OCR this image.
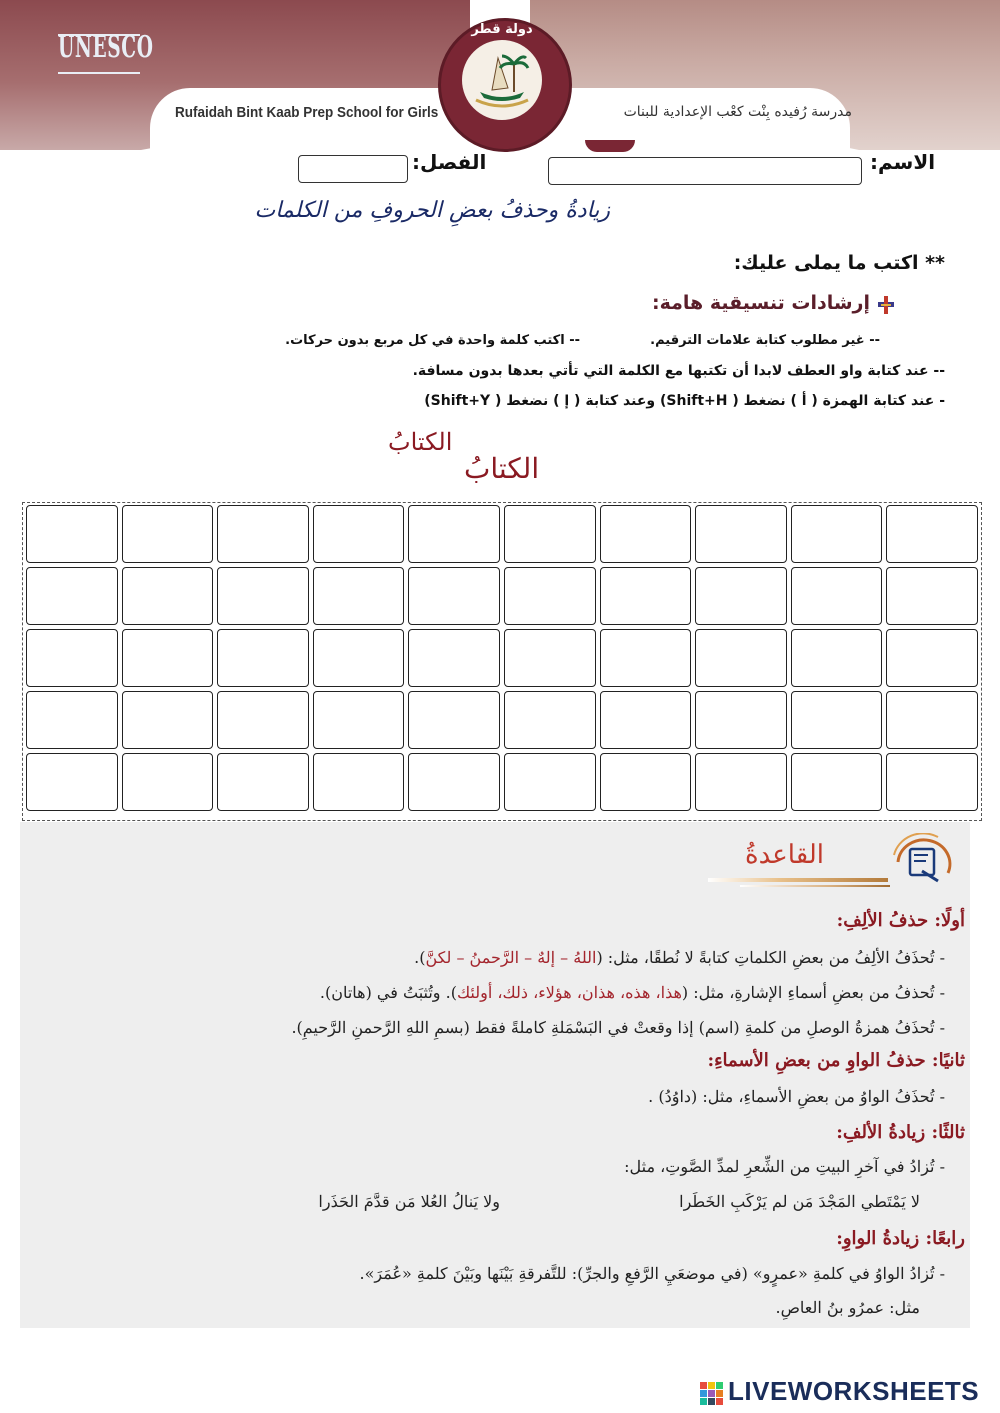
UNESCO
Rufaidah Bint Kaab Prep School for Girls	مدرسة رُفيده بِنْت كعْب الإعدادية للبنات
دولة قطر
الاسم:
الفصل:
زيادةُ وحذفُ بعضِ الحروفِ من الكلمات
** اكتب ما يملى عليك:
إرشادات تنسيقية هامة:
-- غير مطلوب كتابة علامات الترقيم.
-- اكتب كلمة واحدة في كل مربع بدون حركات.
-- عند كتابة واو العطف لابدا أن تكتبها مع الكلمة التي تأتي بعدها بدون مسافة.
- عند كتابة الهمزة ( أ ) نضغط ( Shift+H) وعند كتابة ( إ ) نضغط ( Shift+Y)
الكتابُ
الكتابُ
القاعدةُ
أولًا: حذفُ الألِفِ:
- تُحذَفُ الألِفُ من بعضِ الكلماتِ كتابةً لا نُطقًا، مثل: (اللهُ – إلهٌ – الرَّحمنُ – لكنَّ).
- تُحذفُ من بعضِ أسماءِ الإشارةِ، مثل: (هذا، هذه، هذان، هؤلاء، ذلك، أولئك). وتُثبَتُ في (هاتان).
- تُحذَفُ همزةُ الوصلِ من كلمةِ (اسم) إذا وقعتْ في البَسْمَلةِ كاملةً فقط (بسمِ اللهِ الرَّحمنِ الرَّحيمِ).
ثانيًا: حذفُ الواوِ من بعضِ الأسماءِ:
- تُحذَفُ الواوُ من بعضِ الأسماءِ، مثل: (داوُدُ) .
ثالثًا: زيادةُ الألفِ:
- تُزادُ في آخرِ البيتِ من الشِّعرِ لمدِّ الصَّوتِ، مثل:
لا يَمْتَطي المَجْدَ مَن لم يَرْكَبِ الخَطَرا
ولا يَنالُ العُلا مَن قدَّمَ الحَذَرا
رابعًا: زيادةُ الواوِ:
- تُزادُ الواوُ في كلمةِ «عمرٍو» (في موضعَيِ الرَّفعِ والجرِّ): للتَّفرقةِ بَيْنَها وبَيْنَ كلمةِ «عُمَرَ».
مثل: عمرُو بنُ العاصِ.
LIVEWORKSHEETS
